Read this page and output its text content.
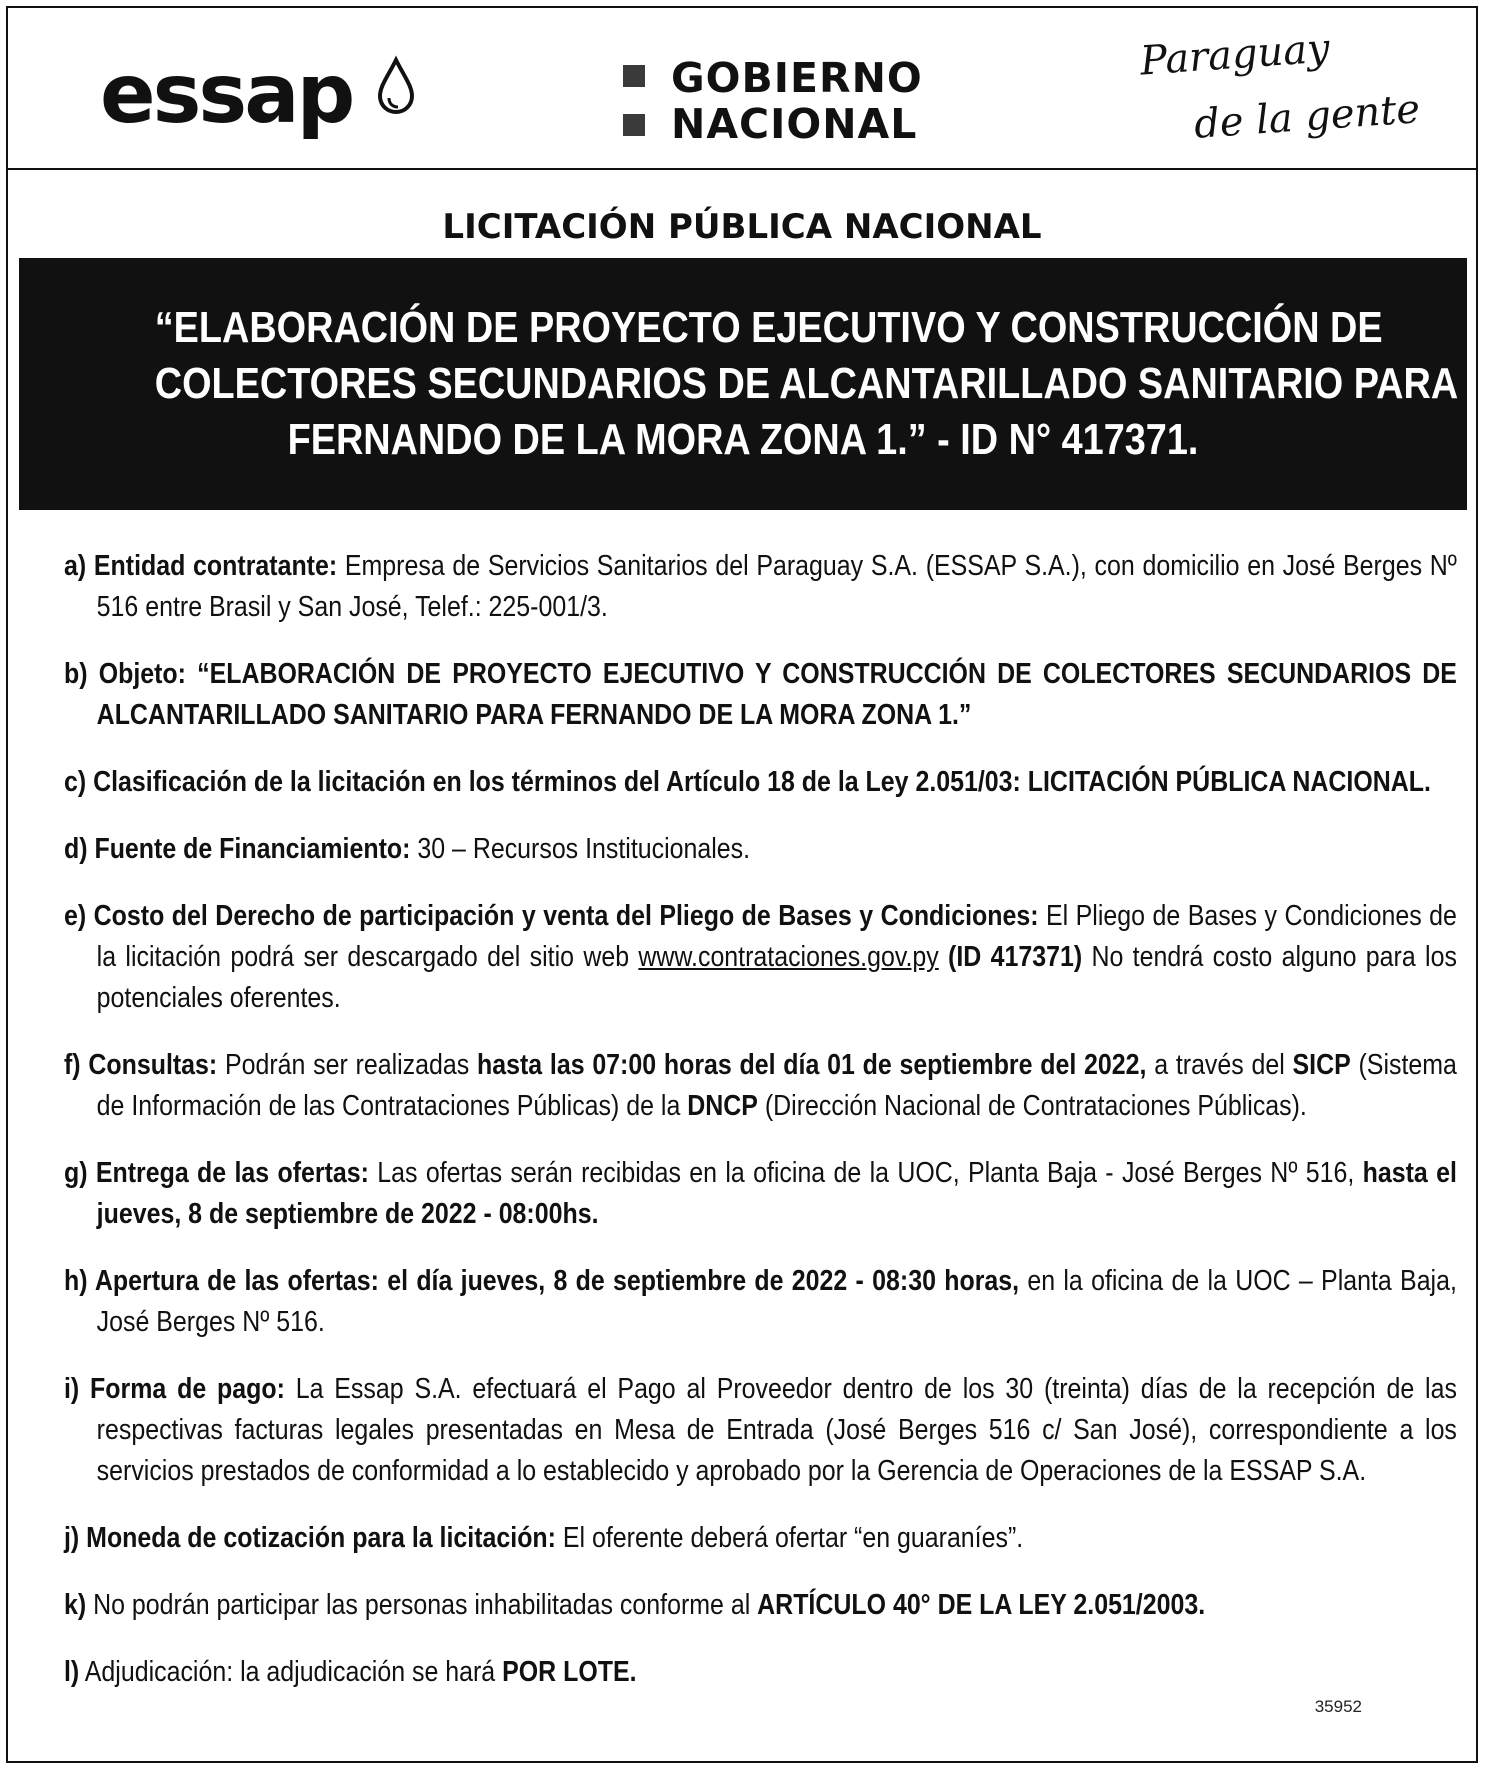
essap	GOBIERNO
NACIONAL
Paraguay
de la gente
LICITACIÓN PÚBLICA NACIONAL
“ELABORACIÓN DE PROYECTO EJECUTIVO Y CONSTRUCCIÓN DE
COLECTORES SECUNDARIOS DE ALCANTARILLADO SANITARIO PARA
FERNANDO DE LA MORA ZONA 1.” - ID N° 417371.
a) Entidad contratante: Empresa de Servicios Sanitarios del Paraguay S.A. (ESSAP S.A.), con domicilio en José Berges Nº 516 entre Brasil y San José, Telef.: 225-001/3.
b) Objeto: “ELABORACIÓN DE PROYECTO EJECUTIVO Y CONSTRUCCIÓN DE COLECTORES SECUNDARIOS DE ALCANTARILLADO SANITARIO PARA FERNANDO DE LA MORA ZONA 1.”
c) Clasificación de la licitación en los términos del Artículo 18 de la Ley 2.051/03: LICITACIÓN PÚBLICA NACIONAL.
d) Fuente de Financiamiento: 30 – Recursos Institucionales.
e) Costo del Derecho de participación y venta del Pliego de Bases y Condiciones: El Pliego de Bases y Condiciones de la licitación podrá ser descargado del sitio web www.contrataciones.gov.py (ID 417371) No tendrá costo alguno para los potenciales oferentes.
f) Consultas: Podrán ser realizadas hasta las 07:00 horas del día 01 de septiembre del 2022, a través del SICP (Sistema de Información de las Contrataciones Públicas) de la DNCP (Dirección Nacional de Contrataciones Públicas).
g) Entrega de las ofertas: Las ofertas serán recibidas en la oficina de la UOC, Planta Baja - José Berges Nº 516, hasta el jueves, 8 de septiembre de 2022 - 08:00hs.
h) Apertura de las ofertas: el día jueves, 8 de septiembre de 2022 - 08:30 horas, en la oficina de la UOC – Planta Baja, José Berges Nº 516.
i) Forma de pago: La Essap S.A. efectuará el Pago al Proveedor dentro de los 30 (treinta) días de la recepción de las respectivas facturas legales presentadas en Mesa de Entrada (José Berges 516 c/ San José), correspondiente a los servicios prestados de conformidad a lo establecido y aprobado por la Gerencia de Operaciones de la ESSAP S.A.
j) Moneda de cotización para la licitación: El oferente deberá ofertar “en guaraníes”.
k) No podrán participar las personas inhabilitadas conforme al ARTÍCULO 40° DE LA LEY 2.051/2003.
l) Adjudicación: la adjudicación se hará POR LOTE.
35952
